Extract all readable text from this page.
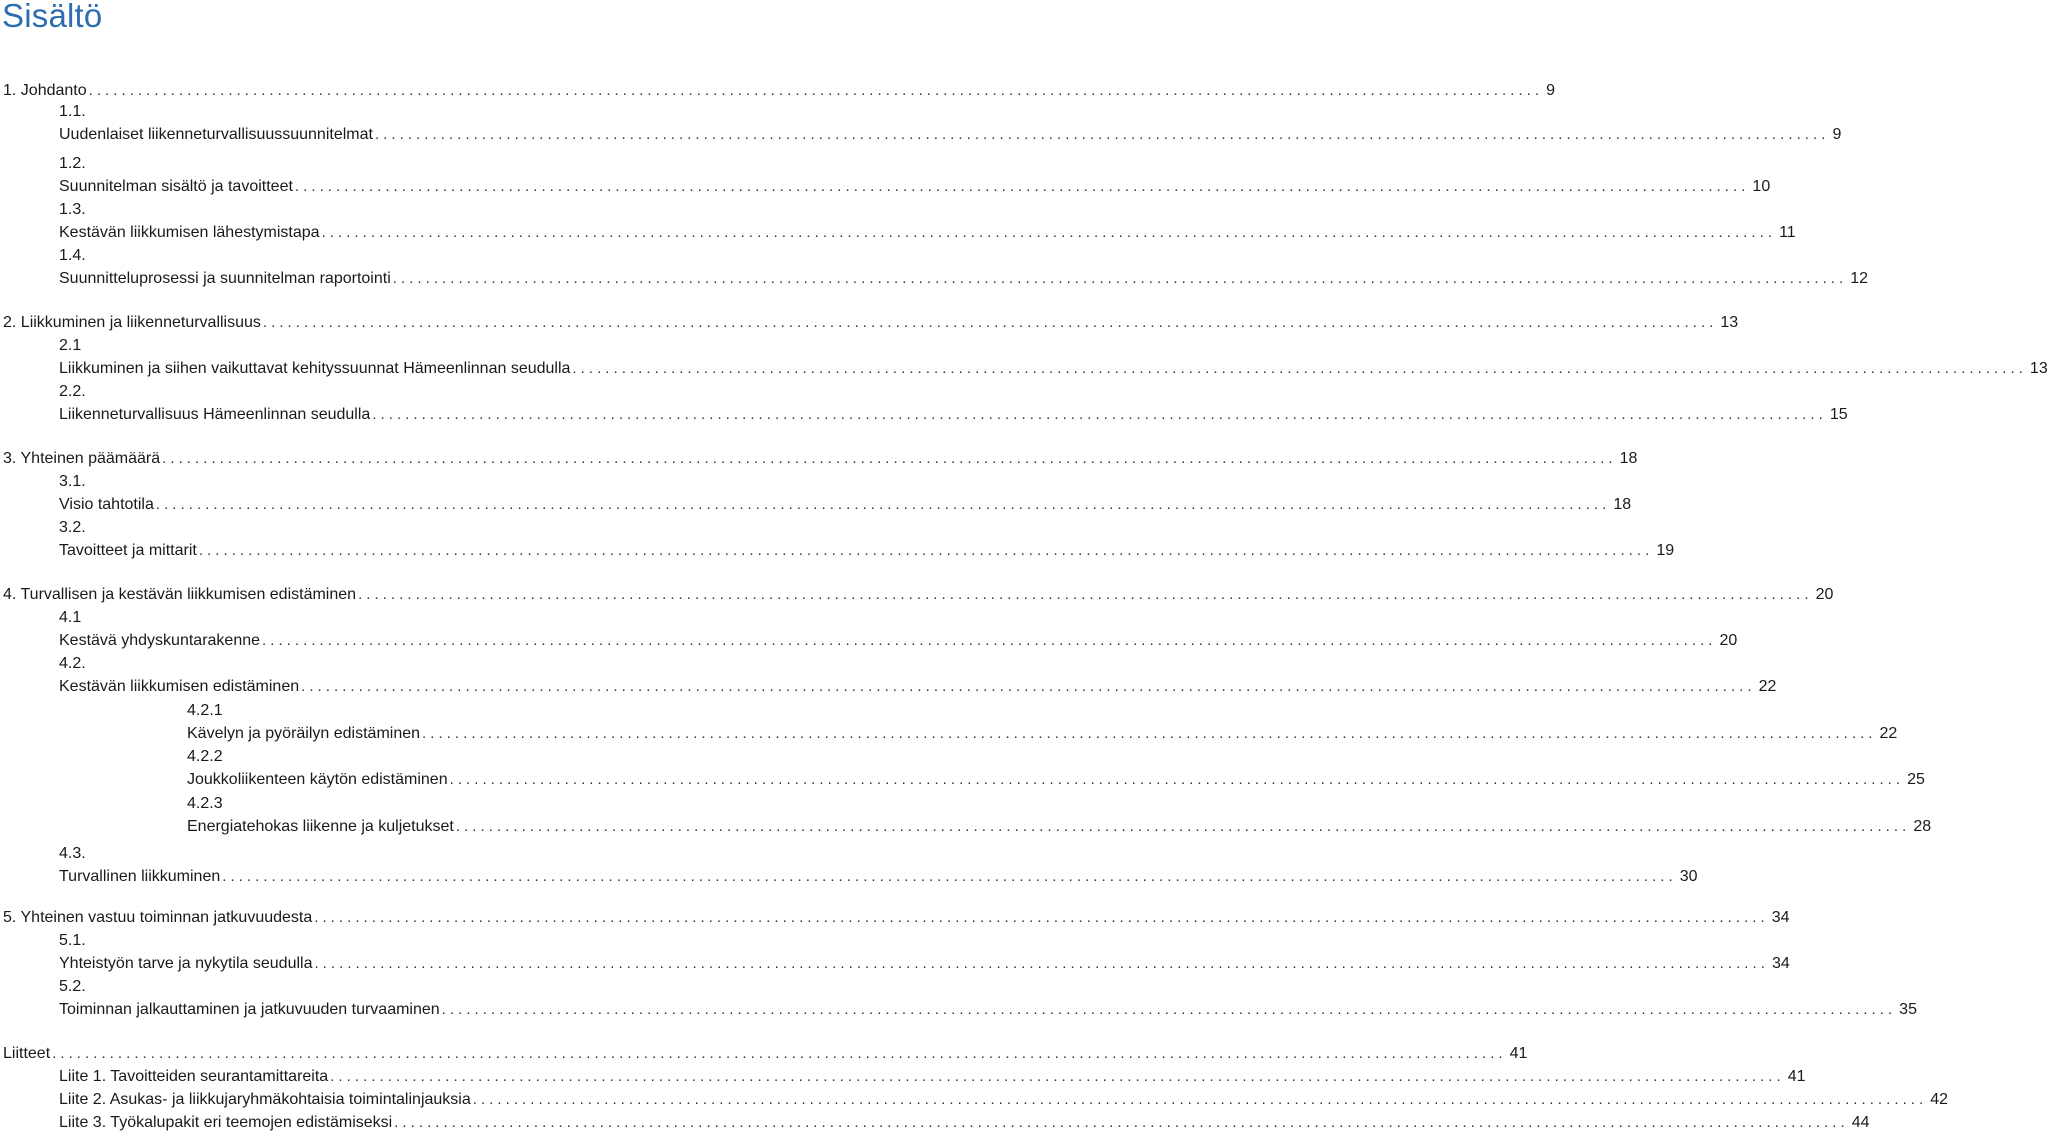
Sisältö
1. Johdanto ................................................................................................................................................................................. 9
1.1.
Uudenlaiset liikenneturvallisuussuunnitelmat ................................................................................................................................................................................. 9
1.2.
Suunnitelman sisältö ja tavoitteet ................................................................................................................................................................................. 10
1.3.
Kestävän liikkumisen lähestymistapa ................................................................................................................................................................................. 11
1.4.
Suunnitteluprosessi ja suunnitelman raportointi ................................................................................................................................................................................. 12
2. Liikkuminen ja liikenneturvallisuus ................................................................................................................................................................................. 13
2.1
Liikkuminen ja siihen vaikuttavat kehityssuunnat Hämeenlinnan seudulla ................................................................................................................................................................................. 13
2.2.
Liikenneturvallisuus Hämeenlinnan seudulla ................................................................................................................................................................................. 15
3. Yhteinen päämäärä ................................................................................................................................................................................. 18
3.1.
Visio tahtotila ................................................................................................................................................................................. 18
3.2.
Tavoitteet ja mittarit ................................................................................................................................................................................. 19
4. Turvallisen ja kestävän liikkumisen edistäminen ................................................................................................................................................................................. 20
4.1
Kestävä yhdyskuntarakenne ................................................................................................................................................................................. 20
4.2.
Kestävän liikkumisen edistäminen ................................................................................................................................................................................. 22
4.2.1
Kävelyn ja pyöräilyn edistäminen ................................................................................................................................................................................. 22
4.2.2
Joukkoliikenteen käytön edistäminen ................................................................................................................................................................................. 25
4.2.3
Energiatehokas liikenne ja kuljetukset ................................................................................................................................................................................. 28
4.3.
Turvallinen liikkuminen ................................................................................................................................................................................. 30
5. Yhteinen vastuu toiminnan jatkuvuudesta ................................................................................................................................................................................. 34
5.1.
Yhteistyön tarve ja nykytila seudulla ................................................................................................................................................................................. 34
5.2.
Toiminnan jalkauttaminen ja jatkuvuuden turvaaminen ................................................................................................................................................................................. 35
Liitteet ................................................................................................................................................................................. 41
Liite 1. Tavoitteiden seurantamittareita ................................................................................................................................................................................. 41
Liite 2. Asukas- ja liikkujaryhmäkohtaisia toimintalinjauksia ................................................................................................................................................................................. 42
Liite 3. Työkalupakit eri teemojen edistämiseksi ................................................................................................................................................................................. 44
